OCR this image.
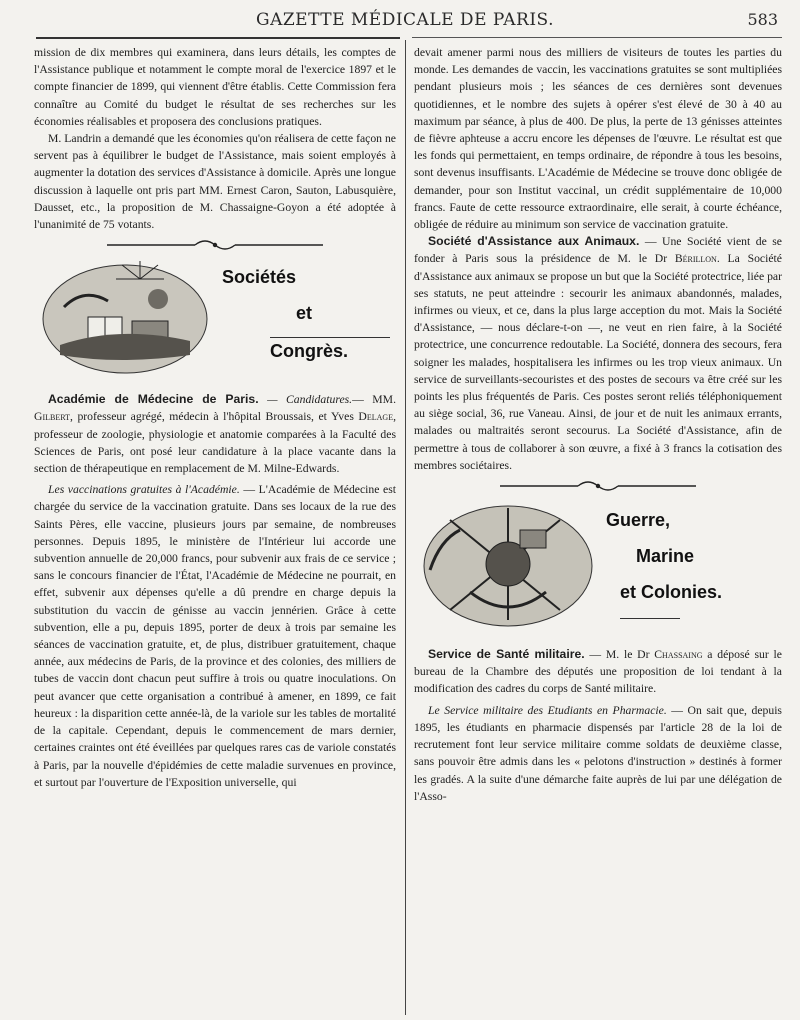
GAZETTE MÉDICALE DE PARIS.	583

mission de dix membres qui examinera, dans leurs détails, les comptes de l'Assistance publique et notamment le compte moral de l'exercice 1897 et le compte financier de 1899, qui viennent d'être établis. Cette Commission fera connaître au Comité du budget le résultat de ses recherches sur les économies réalisables et proposera des conclusions pratiques.

M. Landrin a demandé que les économies qu'on réalisera de cette façon ne servent pas à équilibrer le budget de l'Assistance, mais soient employés à augmenter la dotation des services d'Assistance à domicile. Après une longue discussion à laquelle ont pris part MM. Ernest Caron, Sauton, Labusquière, Dausset, etc., la proposition de M. Chassaigne-Goyon a été adoptée à l'unanimité de 75 votants.

Sociétés
et
Congrès.

Académie de Médecine de Paris. — Candidatures.— MM. Gilbert, professeur agrégé, médecin à l'hôpital Broussais, et Yves Delage, professeur de zoologie, physiologie et anatomie comparées à la Faculté des Sciences de Paris, ont posé leur candidature à la place vacante dans la section de thérapeutique en remplacement de M. Milne-Edwards.

Les vaccinations gratuites à l'Académie. — L'Académie de Médecine est chargée du service de la vaccination gratuite. Dans ses locaux de la rue des Saints Pères, elle vaccine, plusieurs jours par semaine, de nombreuses personnes. Depuis 1895, le ministère de l'Intérieur lui accorde une subvention annuelle de 20,000 francs, pour subvenir aux frais de ce service ; sans le concours financier de l'État, l'Académie de Médecine ne pourrait, en effet, subvenir aux dépenses qu'elle a dû prendre en charge depuis la substitution du vaccin de génisse au vaccin jennérien. Grâce à cette subvention, elle a pu, depuis 1895, porter de deux à trois par semaine les séances de vaccination gratuite, et, de plus, distribuer gratuitement, chaque année, aux médecins de Paris, de la province et des colonies, des milliers de tubes de vaccin dont chacun peut suffire à trois ou quatre inoculations. On peut avancer que cette organisation a contribué à amener, en 1899, ce fait heureux : la disparition cette année-là, de la variole sur les tables de mortalité de la capitale. Cependant, depuis le commencement de mars dernier, certaines craintes ont été éveillées par quelques rares cas de variole constatés à Paris, par la nouvelle d'épidémies de cette maladie survenues en province, et surtout par l'ouverture de l'Exposition universelle, qui

devait amener parmi nous des milliers de visiteurs de toutes les parties du monde. Les demandes de vaccin, les vaccinations gratuites se sont multipliées pendant plusieurs mois ; les séances de ces dernières sont devenues quotidiennes, et le nombre des sujets à opérer s'est élevé de 30 à 40 au maximum par séance, à plus de 400. De plus, la perte de 13 génisses atteintes de fièvre aphteuse a accru encore les dépenses de l'œuvre. Le résultat est que les fonds qui permettaient, en temps ordinaire, de répondre à tous les besoins, sont devenus insuffisants. L'Académie de Médecine se trouve donc obligée de demander, pour son Institut vaccinal, un crédit supplémentaire de 10,000 francs. Faute de cette ressource extraordinaire, elle serait, à courte échéance, obligée de réduire au minimum son service de vaccination gratuite.

Société d'Assistance aux Animaux. — Une Société vient de se fonder à Paris sous la présidence de M. le Dr Bérillon. La Société d'Assistance aux animaux se propose un but que la Société protectrice, liée par ses statuts, ne peut atteindre : secourir les animaux abandonnés, malades, infirmes ou vieux, et ce, dans la plus large acception du mot. Mais la Société d'Assistance, — nous déclare-t-on —, ne veut en rien faire, à la Société protectrice, une concurrence redoutable. La Société, donnera des secours, fera soigner les malades, hospitalisera les infirmes ou les trop vieux animaux. Un service de surveillants-secouristes et des postes de secours va être créé sur les points les plus fréquentés de Paris. Ces postes seront reliés téléphoniquement au siège social, 36, rue Vaneau. Ainsi, de jour et de nuit les animaux errants, malades ou maltraités seront secourus. La Société d'Assistance, afin de permettre à tous de collaborer à son œuvre, a fixé à 3 francs la cotisation des membres sociétaires.

Guerre,
Marine
et Colonies.

Service de Santé militaire. — M. le Dr Chassaing a déposé sur le bureau de la Chambre des députés une proposition de loi tendant à la modification des cadres du corps de Santé militaire.

Le Service militaire des Etudiants en Pharmacie. — On sait que, depuis 1895, les étudiants en pharmacie dispensés par l'article 28 de la loi de recrutement font leur service militaire comme soldats de deuxième classe, sans pouvoir être admis dans les « pelotons d'instruction » destinés à former les gradés. A la suite d'une démarche faite auprès de lui par une délégation de l'Asso-
